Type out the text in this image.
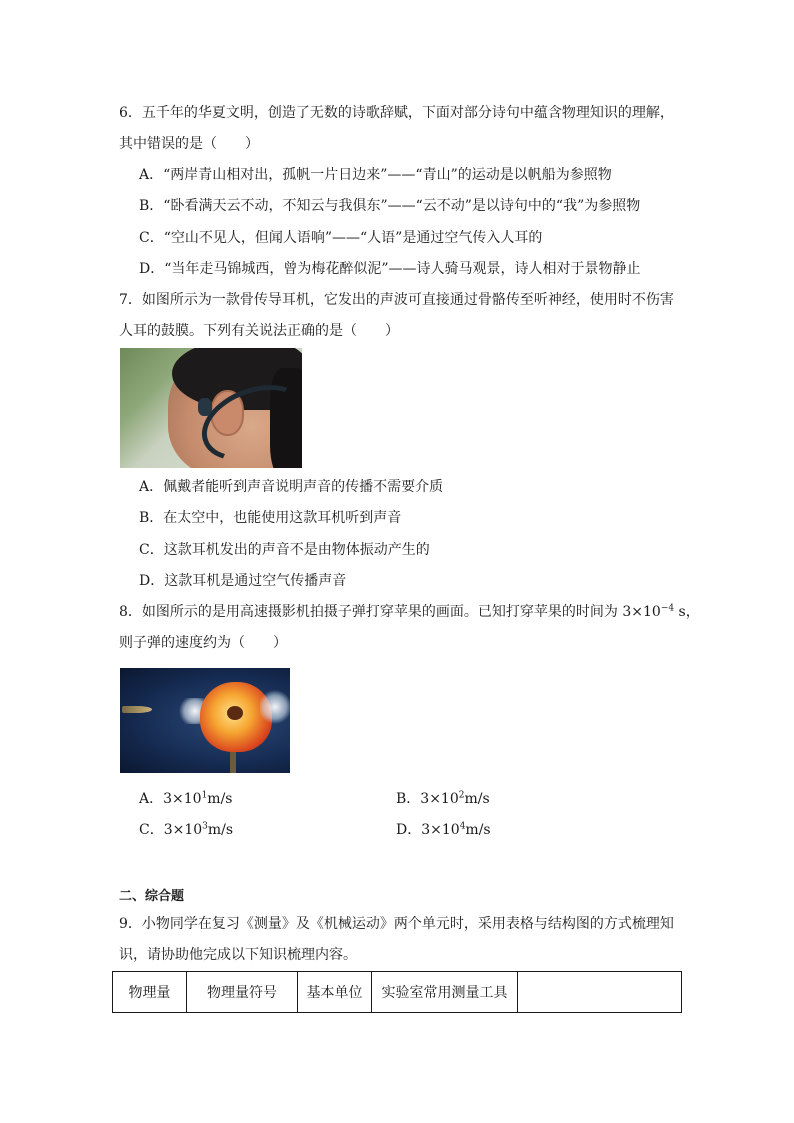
6．五千年的华夏文明，创造了无数的诗歌辞赋，下面对部分诗句中蕴含物理知识的理解，
其中错误的是（　　）
A．“两岸青山相对出，孤帆一片日边来”——“青山”的运动是以帆船为参照物
B．“卧看满天云不动，不知云与我俱东”——“云不动”是以诗句中的“我”为参照物
C．“空山不见人，但闻人语响”——“人语”是通过空气传入人耳的
D．“当年走马锦城西，曾为梅花醉似泥”——诗人骑马观景，诗人相对于景物静止
7．如图所示为一款骨传导耳机，它发出的声波可直接通过骨骼传至听神经，使用时不伤害
人耳的鼓膜。下列有关说法正确的是（　　）
A．佩戴者能听到声音说明声音的传播不需要介质
B．在太空中，也能使用这款耳机听到声音
C．这款耳机发出的声音不是由物体振动产生的
D．这款耳机是通过空气传播声音
8．如图所示的是用高速摄影机拍摄子弹打穿苹果的画面。已知打穿苹果的时间为 $3\times 10^{-4}$ s，
则子弹的速度约为（　　）
A．$3\times 10^1m/s$	B．$3\times 10^2m/s$
C．$3\times 10^3m/s$	D．$3\times 10^4m/s$
二、综合题
9．小物同学在复习《测量》及《机械运动》两个单元时，采用表格与结构图的方式梳理知
识，请协助他完成以下知识梳理内容。
物理量	物理量符号	基本单位	实验室常用测量工具	
